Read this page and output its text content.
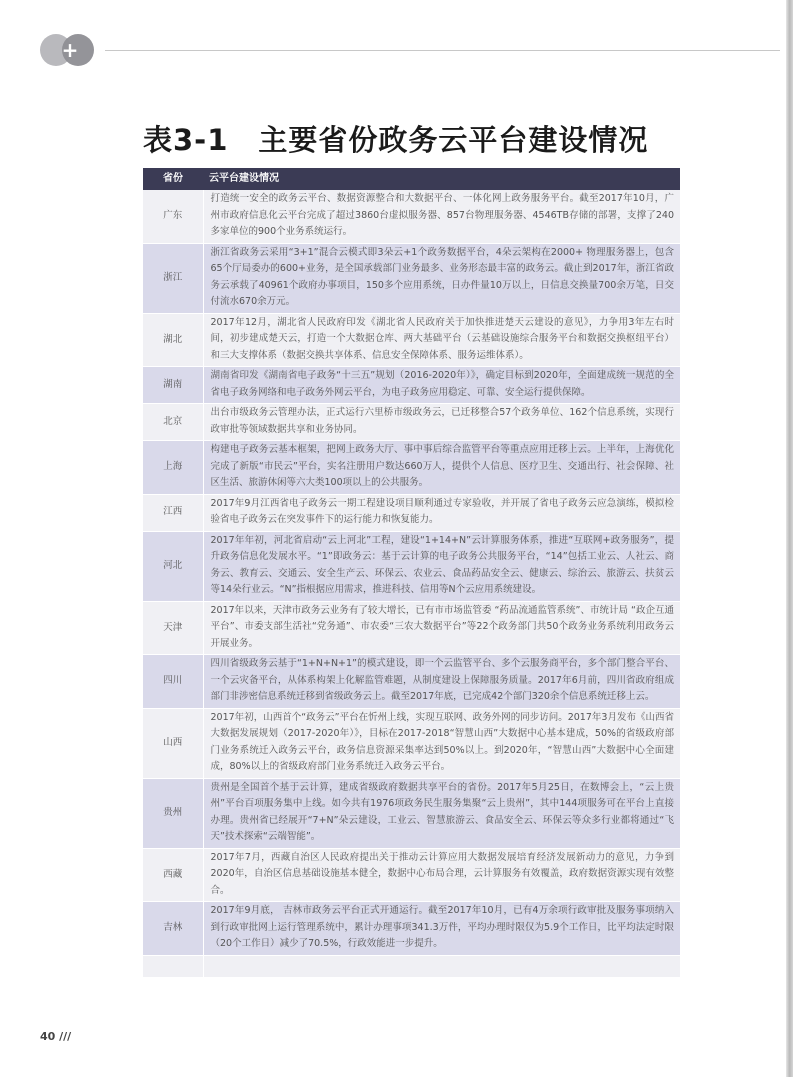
+
表3-1　主要省份政务云平台建设情况
省份	云平台建设情况
广东	打造统一安全的政务云平台、数据资源整合和大数据平台、一体化网上政务服务平台。截至2017年10月，广州市政府信息化云平台完成了超过3860台虚拟服务器、857台物理服务器、4546TB存储的部署，支撑了240多家单位的900个业务系统运行。
浙江	浙江省政务云采用“3+1”混合云模式即3朵云+1个政务数据平台，4朵云架构在2000+ 物理服务器上，包含65个厅局委办的600+业务，是全国承载部门业务最多、业务形态最丰富的政务云。截止到2017年，浙江省政务云承载了40961个政府办事项目，150多个应用系统，日办件量10万以上，日信息交换量700余万笔，日交付流水670余万元。
湖北	2017年12月，湖北省人民政府印发《湖北省人民政府关于加快推进楚天云建设的意见》，力争用3年左右时间，初步建成楚天云，打造一个大数据仓库、两大基础平台（云基础设施综合服务平台和数据交换枢纽平台）和三大支撑体系（数据交换共享体系、信息安全保障体系、服务运维体系）。
湖南	湖南省印发《湖南省电子政务“十三五”规划（2016-2020年）》，确定目标到2020年，全面建成统一规范的全省电子政务网络和电子政务外网云平台，为电子政务应用稳定、可靠、安全运行提供保障。
北京	出台市级政务云管理办法，正式运行六里桥市级政务云，已迁移整合57个政务单位、162个信息系统，实现行政审批等领域数据共享和业务协同。
上海	构建电子政务云基本框架，把网上政务大厅、事中事后综合监管平台等重点应用迁移上云。上半年，上海优化完成了新版“市民云”平台，实名注册用户数达660万人，提供个人信息、医疗卫生、交通出行、社会保障、社区生活、旅游休闲等六大类100项以上的公共服务。
江西	2017年9月江西省电子政务云一期工程建设项目顺利通过专家验收，并开展了省电子政务云应急演练，模拟检验省电子政务云在突发事件下的运行能力和恢复能力。
河北	2017年年初，河北省启动“云上河北”工程，建设“1+14+N”云计算服务体系，推进“互联网+政务服务”，提升政务信息化发展水平。“1”即政务云：基于云计算的电子政务公共服务平台，“14”包括工业云、人社云、商务云、教育云、交通云、安全生产云、环保云、农业云、食品药品安全云、健康云、综治云、旅游云、扶贫云等14朵行业云。“N”指根据应用需求，推进科技、信用等N个云应用系统建设。
天津	2017年以来，天津市政务云业务有了较大增长，已有市市场监管委 “药品流通监管系统”、市统计局 “政企互通平台”、市委支部生活社“党务通”、市农委“三农大数据平台”等22个政务部门共50个政务业务系统利用政务云开展业务。
四川	四川省级政务云基于“1+N+N+1”的模式建设，即一个云监管平台、多个云服务商平台，多个部门整合平台、一个云灾备平台，从体系构架上化解监管难题，从制度建设上保障服务质量。2017年6月前，四川省政府组成部门非涉密信息系统迁移到省级政务云上。截至2017年底，已完成42个部门320余个信息系统迁移上云。
山西	2017年初，山西首个“政务云”平台在忻州上线，实现互联网、政务外网的同步访问。2017年3月发布《山西省大数据发展规划（2017-2020年）》，目标在2017-2018“智慧山西”大数据中心基本建成，50%的省级政府部门业务系统迁入政务云平台，政务信息资源采集率达到50%以上。到2020年，“智慧山西”大数据中心全面建成，80%以上的省级政府部门业务系统迁入政务云平台。
贵州	贵州是全国首个基于云计算，建成省级政府数据共享平台的省份。2017年5月25日，在数博会上，“云上贵州”平台百项服务集中上线。如今共有1976项政务民生服务集聚“云上贵州”，其中144项服务可在平台上直接办理。贵州省已经展开“7+N”朵云建设，工业云、智慧旅游云、食品安全云、环保云等众多行业都将通过“飞天”技术探索“云端智能”。
西藏	2017年7月，西藏自治区人民政府提出关于推动云计算应用大数据发展培育经济发展新动力的意见，力争到2020年，自治区信息基础设施基本健全，数据中心布局合理，云计算服务有效覆盖，政府数据资源实现有效整合。
吉林	2017年9月底， 吉林市政务云平台正式开通运行。截至2017年10月，已有4万余项行政审批及服务事项纳入到行政审批网上运行管理系统中，累计办理事项341.3万件，平均办理时限仅为5.9个工作日，比平均法定时限（20个工作日）减少了70.5%，行政效能进一步提升。

40 ///
